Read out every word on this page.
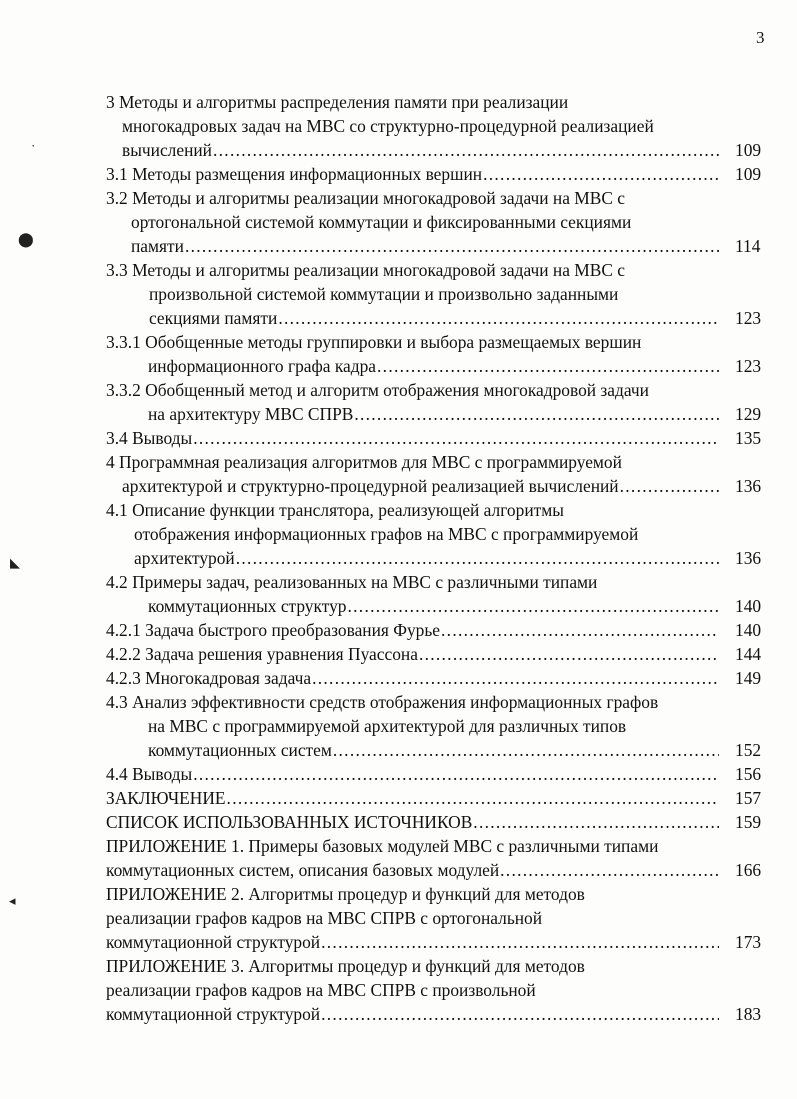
3
·
⬤
◣
◂
3 Методы и алгоритмы распределения памяти при реализации
многокадровых задач на МВС со структурно-процедурной реализацией
вычислений .....	109
3.1 Методы размещения информационных вершин .....	109
3.2 Методы и алгоритмы реализации многокадровой задачи на МВС с
ортогональной системой коммутации и фиксированными секциями
памяти .....	114
3.3 Методы и алгоритмы реализации многокадровой задачи на МВС с
произвольной системой коммутации и произвольно заданными
секциями памяти .....	123
3.3.1 Обобщенные методы группировки и выбора размещаемых вершин
информационного графа кадра .....	123
3.3.2 Обобщенный метод и алгоритм отображения многокадровой задачи
на архитектуру МВС СПРВ .....	129
3.4 Выводы .....	135
4 Программная реализация алгоритмов для МВС с программируемой
архитектурой и структурно-процедурной реализацией вычислений .....	136
4.1 Описание функции транслятора, реализующей алгоритмы
отображения информационных графов на МВС с программируемой
архитектурой .....	136
4.2 Примеры задач, реализованных на МВС с различными типами
коммутационных структур .....	140
4.2.1 Задача быстрого преобразования Фурье .....	140
4.2.2 Задача решения уравнения Пуассона .....	144
4.2.3 Многокадровая задача .....	149
4.3 Анализ эффективности средств отображения информационных графов
на МВС с программируемой архитектурой для различных типов
коммутационных систем .....	152
4.4 Выводы .....	156
ЗАКЛЮЧЕНИЕ .....	157
СПИСОК ИСПОЛЬЗОВАННЫХ ИСТОЧНИКОВ .....	159
ПРИЛОЖЕНИЕ 1. Примеры базовых модулей МВС с различными типами
коммутационных систем, описания базовых модулей .....	166
ПРИЛОЖЕНИЕ 2. Алгоритмы процедур и функций для методов
реализации графов кадров на МВС СПРВ с ортогональной
коммутационной структурой .....	173
ПРИЛОЖЕНИЕ 3. Алгоритмы процедур и функций для методов
реализации графов кадров на МВС СПРВ с произвольной
коммутационной структурой .....	183
